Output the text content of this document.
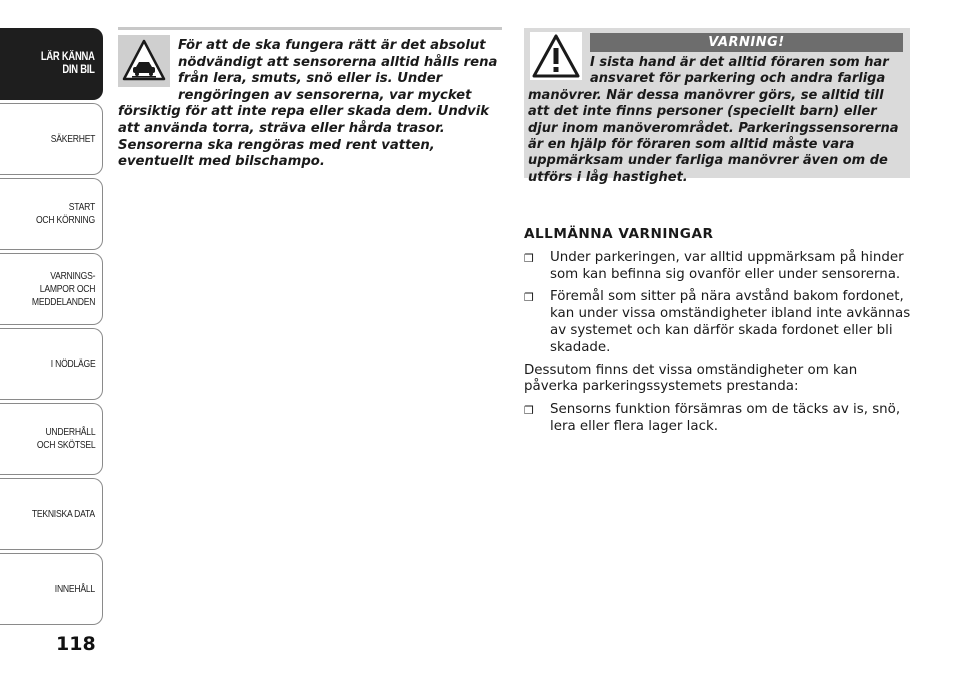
LÄR KÄNNA
DIN BIL
SÄKERHET
START
OCH KÖRNING
VARNINGS-
LAMPOR OCH
MEDDELANDEN
I NÖDLÄGE
UNDERHÅLL
OCH SKÖTSEL
TEKNISKA DATA
INNEHÅLL
118
För att de ska fungera rätt är det absolut nödvändigt att sensorerna alltid hålls rena från lera, smuts, snö eller is. Under rengöringen av sensorerna, var mycket försiktig för att inte repa eller skada dem. Undvik att använda torra, sträva eller hårda trasor. Sensorerna ska rengöras med rent vatten, eventuellt med bilschampo.
VARNING!
I sista hand är det alltid föraren som har ansvaret för parkering och andra farliga manövrer. När dessa manövrer görs, se alltid till att det inte finns personer (speciellt barn) eller djur inom manöverområdet. Parkeringssensorerna är en hjälp för föraren som alltid måste vara uppmärksam under farliga manövrer även om de utförs i låg hastighet.
ALLMÄNNA VARNINGAR
❒	Under parkeringen, var alltid uppmärksam på hinder som kan befinna sig ovanför eller under sensorerna.
❒	Föremål som sitter på nära avstånd bakom fordonet, kan under vissa omständigheter ibland inte avkännas av systemet och kan därför skada fordonet eller bli skadade.
Dessutom finns det vissa omständigheter om kan påverka parkeringssystemets prestanda:
❒	Sensorns funktion försämras om de täcks av is, snö, lera eller flera lager lack.
